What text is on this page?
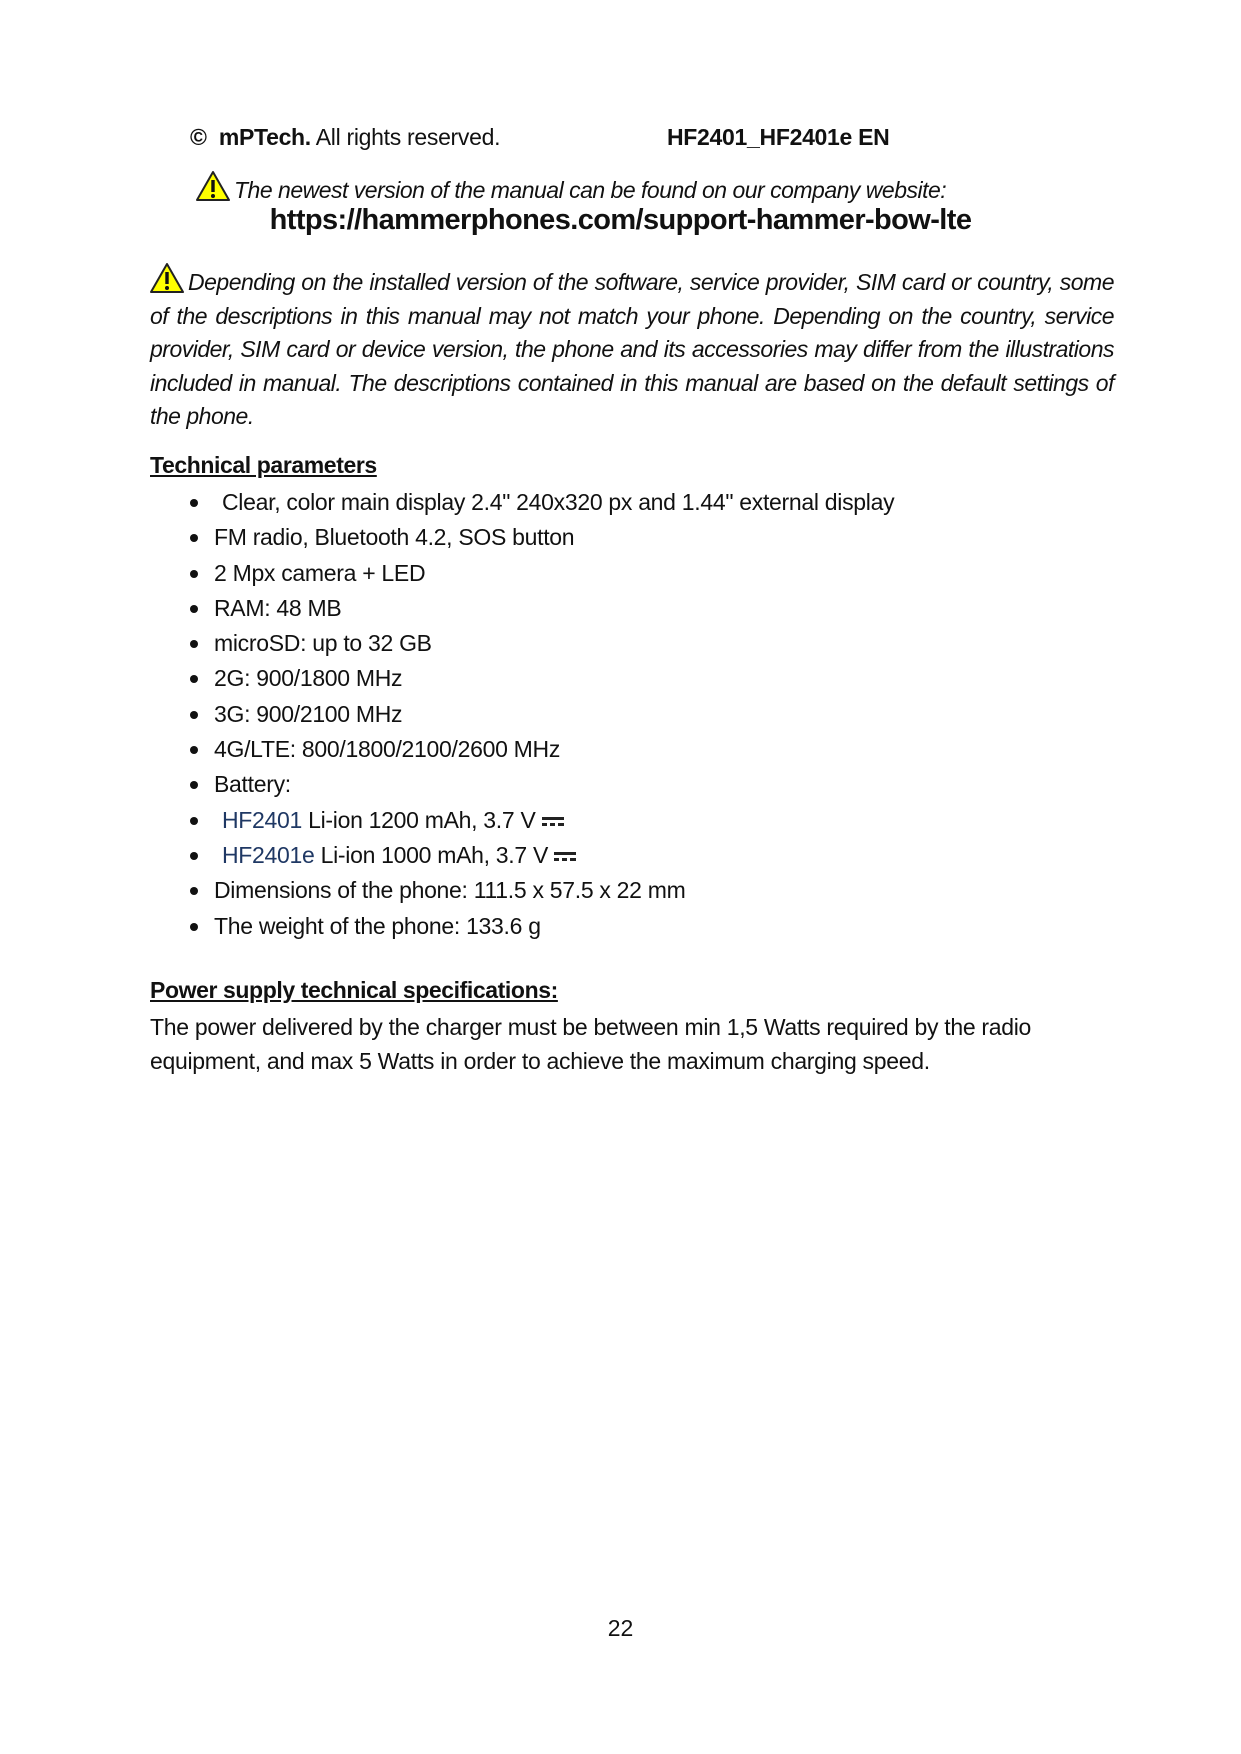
© mPTech. All rights reserved.	HF2401_HF2401e EN
The newest version of the manual can be found on our company website:
https://hammerphones.com/support-hammer-bow-lte
Depending on the installed version of the software, service provider, SIM card or country, some of the descriptions in this manual may not match your phone. Depending on the country, service provider, SIM card or device version, the phone and its accessories may differ from the illustrations included in manual. The descriptions contained in this manual are based on the default settings of the phone.
Technical parameters
Clear, color main display 2.4" 240x320 px and 1.44" external display
FM radio, Bluetooth 4.2, SOS button
2 Mpx camera + LED
RAM: 48 MB
microSD: up to 32 GB
2G: 900/1800 MHz
3G: 900/2100 MHz
4G/LTE: 800/1800/2100/2600 MHz
Battery:
HF2401 Li-ion 1200 mAh, 3.7 V
HF2401e Li-ion 1000 mAh, 3.7 V
Dimensions of the phone: 111.5 x 57.5 x 22 mm
The weight of the phone: 133.6 g
Power supply technical specifications:
The power delivered by the charger must be between min 1,5 Watts required by the radio equipment, and max 5 Watts in order to achieve the maximum charging speed.
22
